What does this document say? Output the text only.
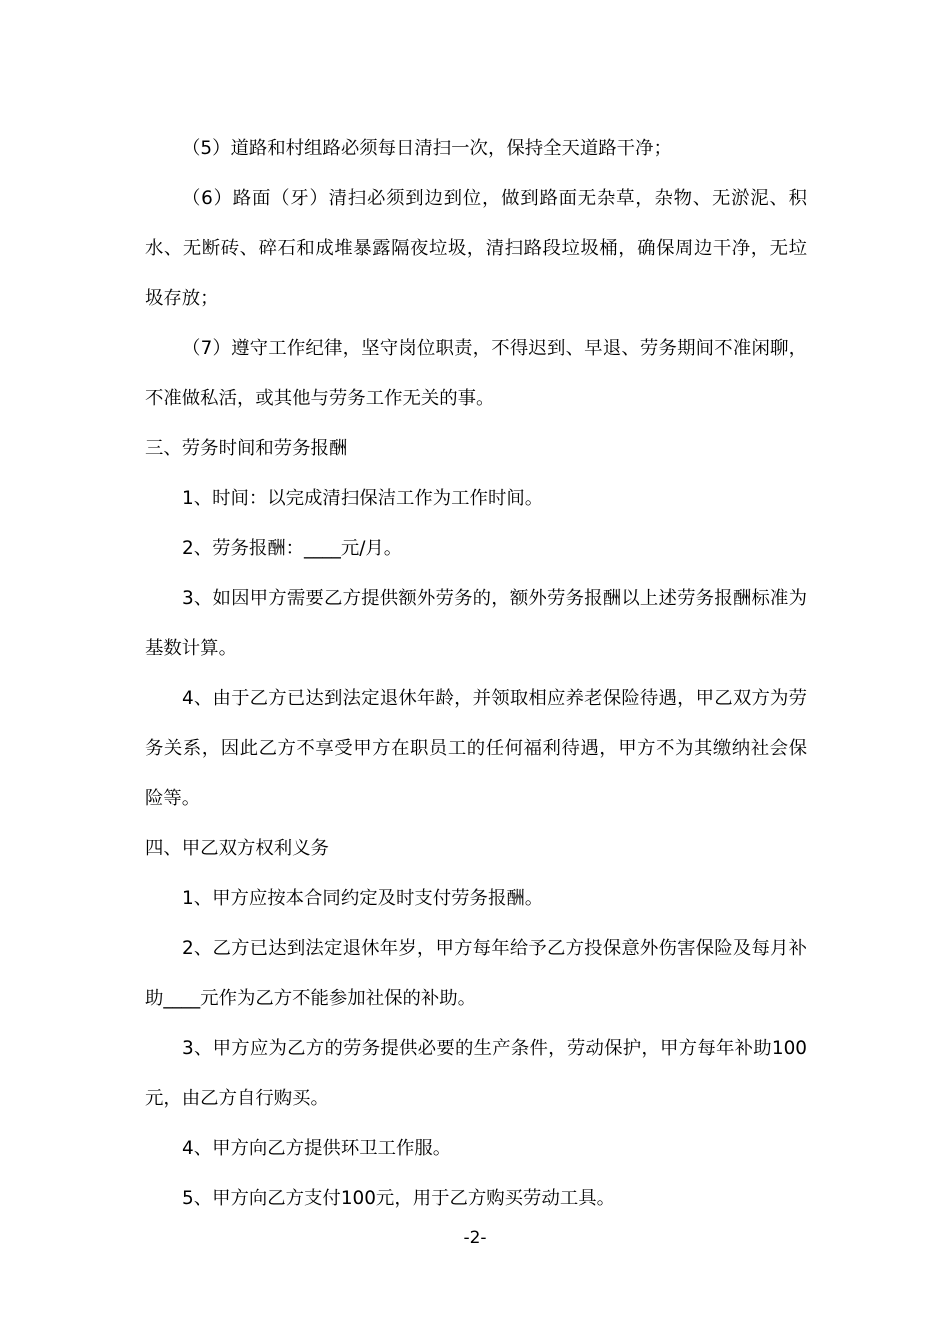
（5）道路和村组路必须每日清扫一次，保持全天道路干净；

（6）路面（牙）清扫必须到边到位，做到路面无杂草，杂物、无淤泥、积水、无断砖、碎石和成堆暴露隔夜垃圾，清扫路段垃圾桶，确保周边干净，无垃圾存放；

（7）遵守工作纪律，坚守岗位职责，不得迟到、早退、劳务期间不准闲聊，不准做私活，或其他与劳务工作无关的事。

三、劳务时间和劳务报酬

1、时间：以完成清扫保洁工作为工作时间。

2、劳务报酬：____元/月。

3、如因甲方需要乙方提供额外劳务的，额外劳务报酬以上述劳务报酬标准为基数计算。

4、由于乙方已达到法定退休年龄，并领取相应养老保险待遇，甲乙双方为劳务关系，因此乙方不享受甲方在职员工的任何福利待遇，甲方不为其缴纳社会保险等。

四、甲乙双方权利义务

1、甲方应按本合同约定及时支付劳务报酬。

2、乙方已达到法定退休年岁，甲方每年给予乙方投保意外伤害保险及每月补助____元作为乙方不能参加社保的补助。

3、甲方应为乙方的劳务提供必要的生产条件，劳动保护，甲方每年补助100元，由乙方自行购买。

4、甲方向乙方提供环卫工作服。

5、甲方向乙方支付100元，用于乙方购买劳动工具。

-2-
